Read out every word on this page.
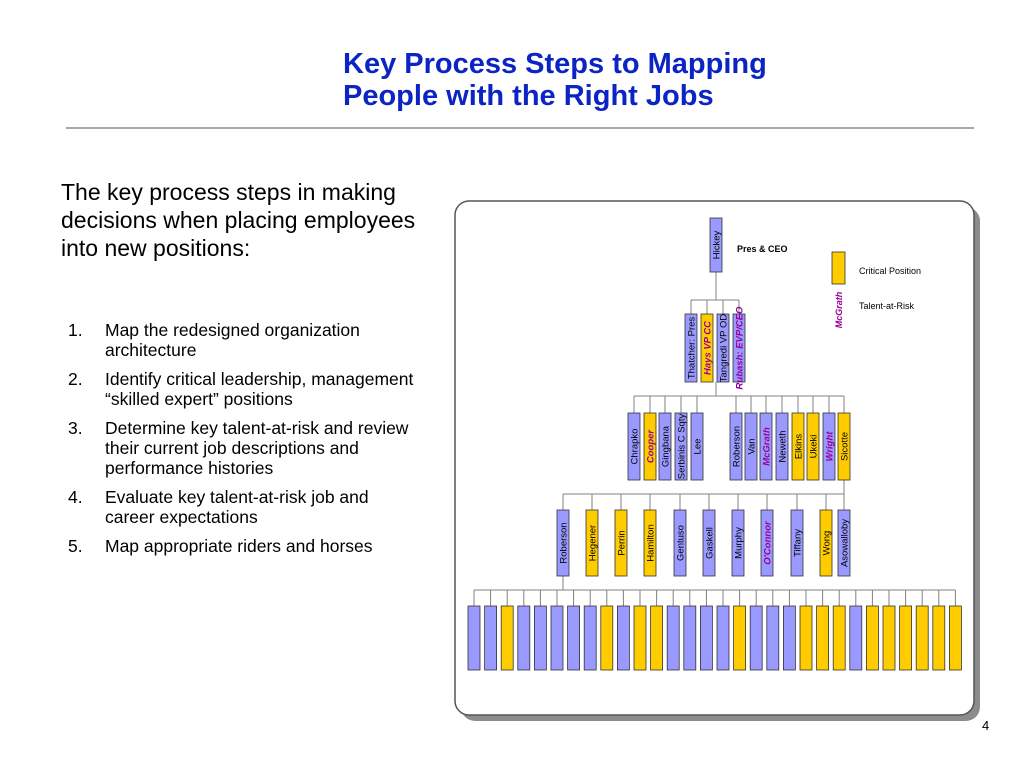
Key Process Steps to Mapping
People with the Right Jobs
The key process steps in making decisions when placing employees into new positions:
1.	Map the redesigned organization architecture
2.	Identify critical leadership, management “skilled expert” positions
3.	Determine key talent-at-risk and review their current job descriptions and performance histories
4.	Evaluate key talent-at-risk job and career expectations
5.	Map appropriate riders and horses
Hickey Pres & CEO
Critical Position
McGrath Talent-at-Risk
Thatcher: Pres Hays VP CC Tangredi VP OD Rubash: EVP/CEO
Chrapko Cooper Gingbana Serbinis C Sqty Lee	Roberson Van McGrath Neweth Elkins Ukeki Wright Sicotte
Roberson Hegener Perrin Hamilton Gentuso Gaskell Murphy O'Connor Tiffany Wong Asowalloby
4
